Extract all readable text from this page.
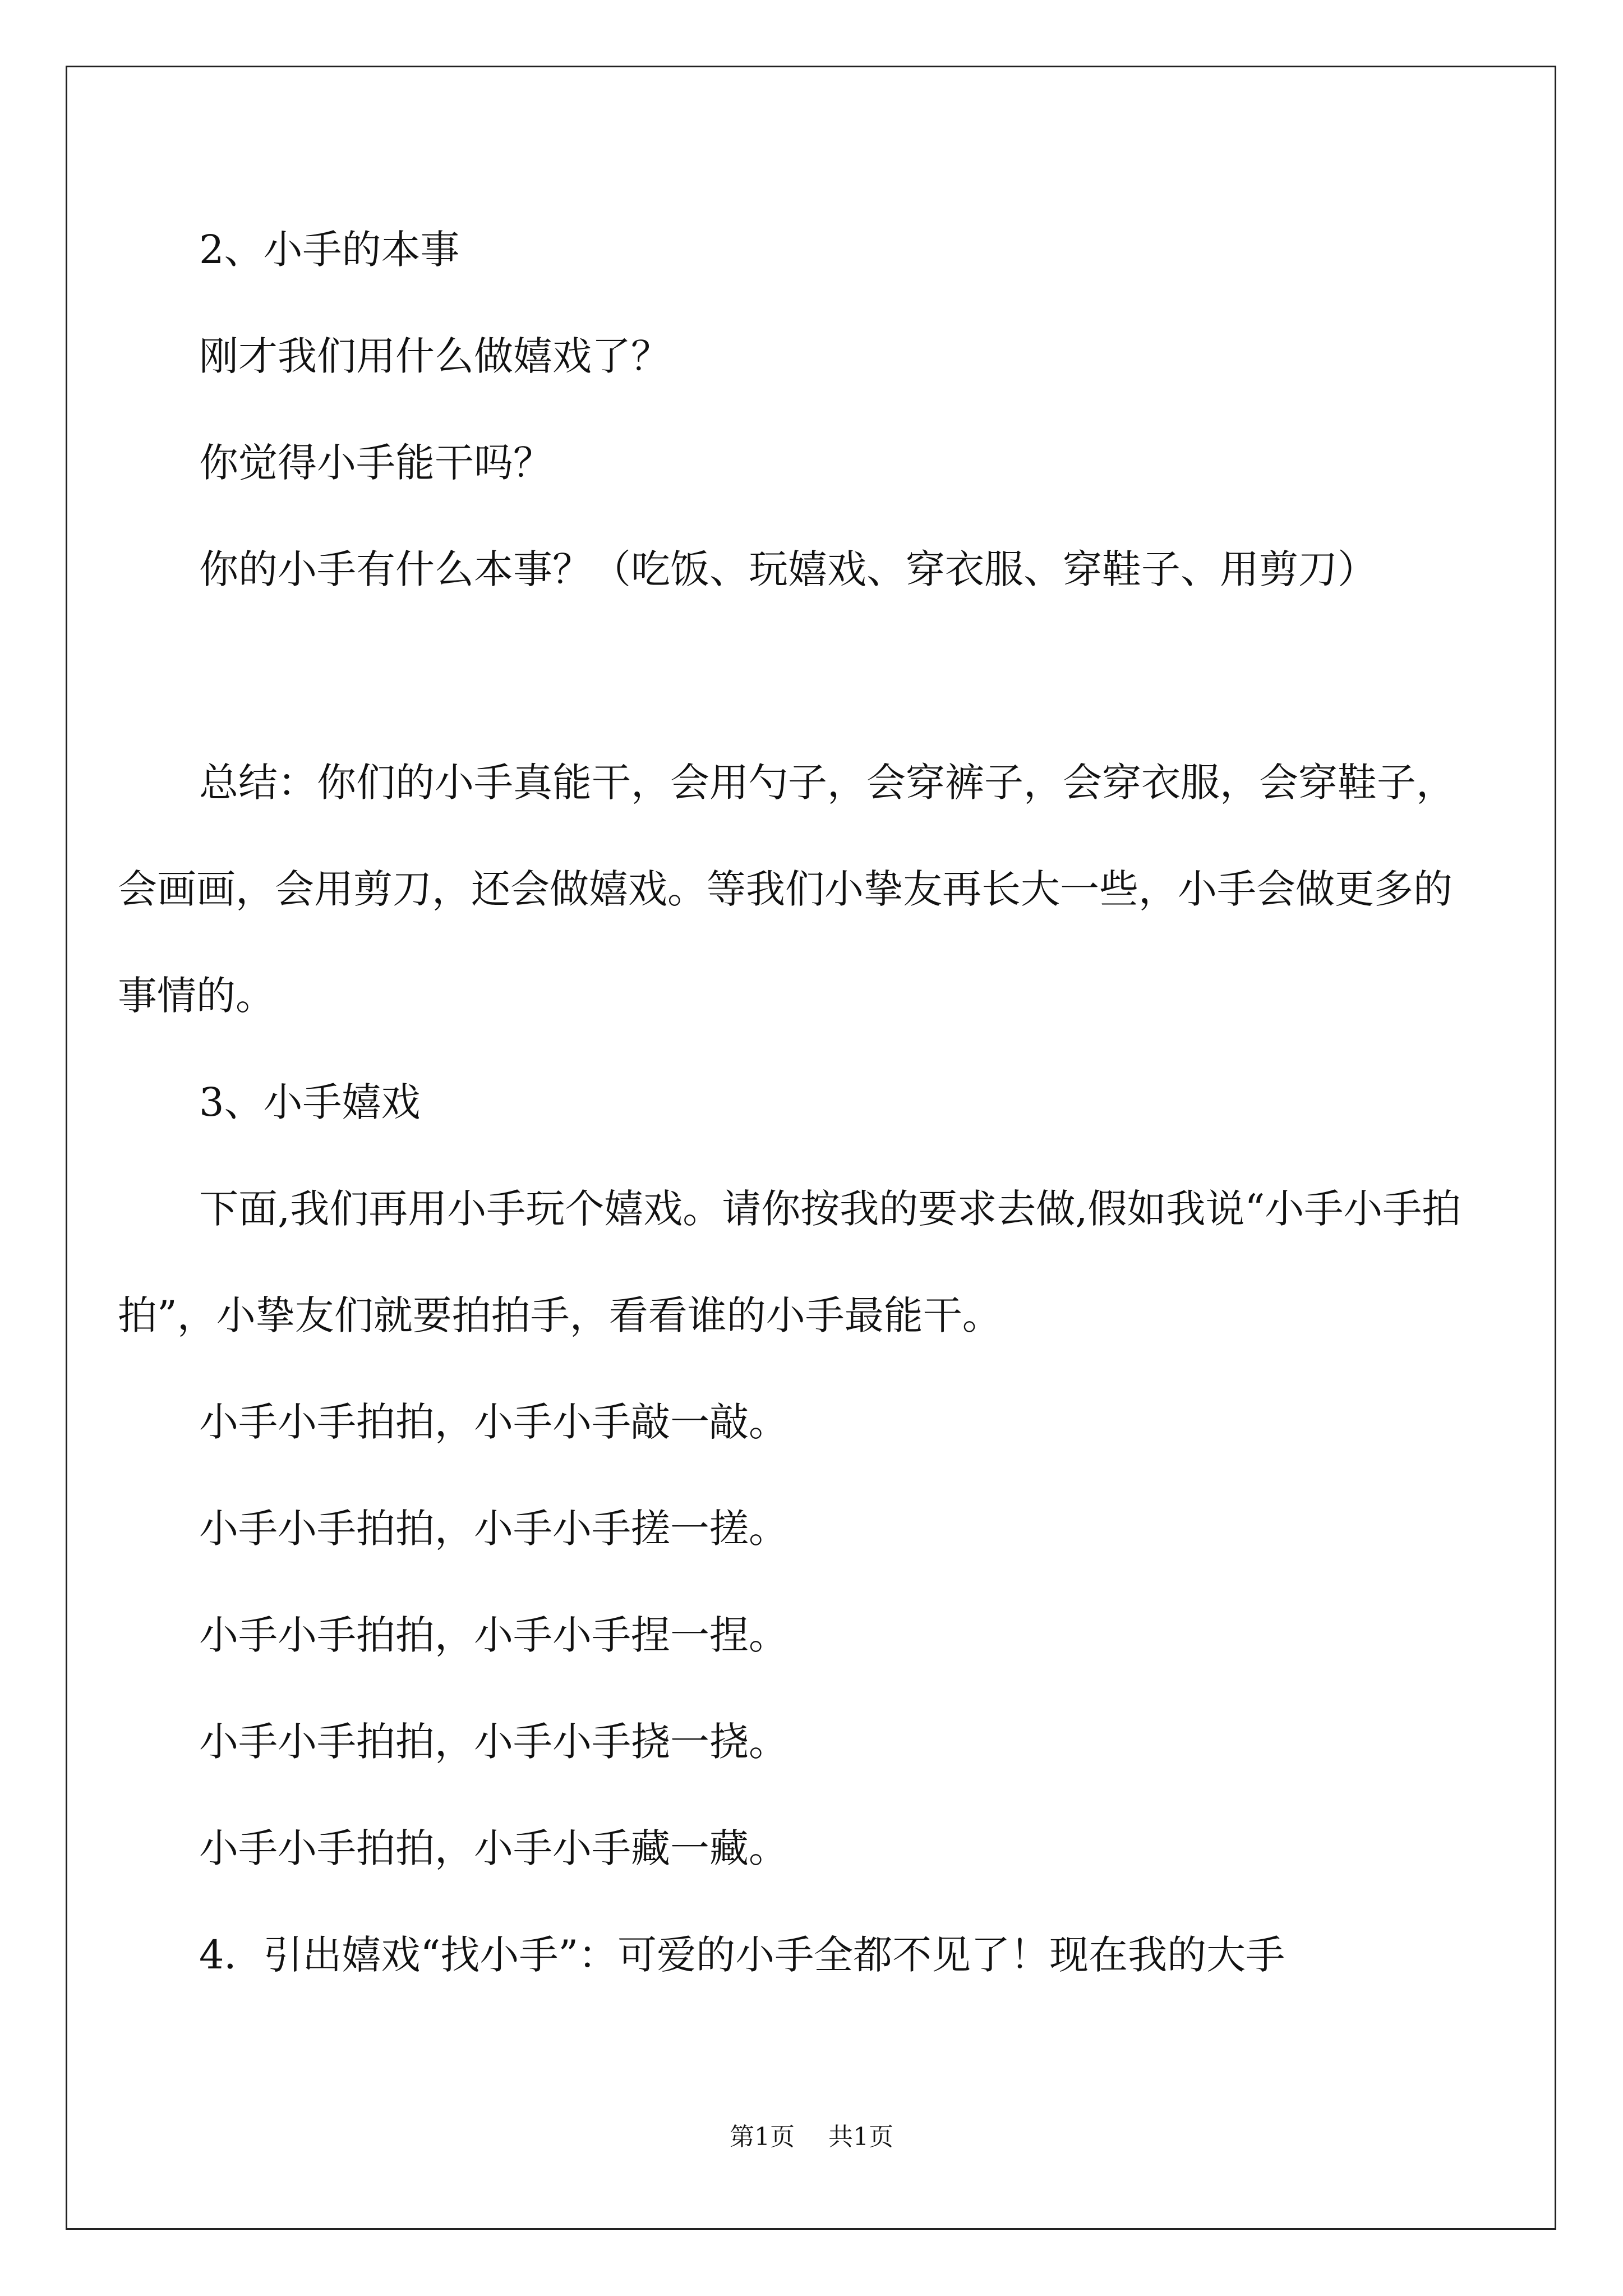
2、小手的本事

刚才我们用什么做嬉戏了？

你觉得小手能干吗？

你的小手有什么本事？（吃饭、玩嬉戏、穿衣服、穿鞋子、用剪刀）

总结：你们的小手真能干，会用勺子，会穿裤子，会穿衣服，会穿鞋子，会画画，会用剪刀，还会做嬉戏。等我们小挚友再长大一些，小手会做更多的事情的。

3、小手嬉戏

下面,我们再用小手玩个嬉戏。请你按我的要求去做,假如我说“小手小手拍拍”，小挚友们就要拍拍手，看看谁的小手最能干。

小手小手拍拍，小手小手敲一敲。

小手小手拍拍，小手小手搓一搓。

小手小手拍拍，小手小手捏一捏。

小手小手拍拍，小手小手挠一挠。

小手小手拍拍，小手小手藏一藏。

4．引出嬉戏“找小手”：可爱的小手全都不见了！现在我的大手

第1页 共1页
